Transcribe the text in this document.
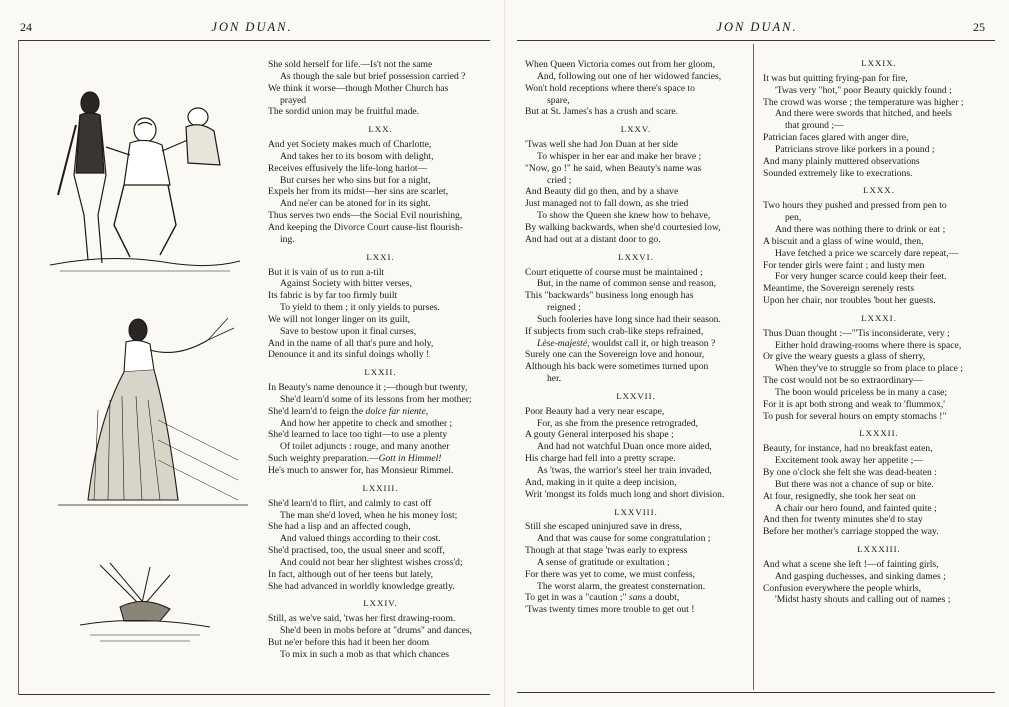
24	JON DUAN.
She sold herself for life.—Is't not the same
As though the sale but brief possession carried ?
We think it worse—though Mother Church has
prayed
The sordid union may be fruitful made.
LXX.
And yet Society makes much of Charlotte,
And takes her to its bosom with delight,
Receives effusively the life-long harlot—
But curses her who sins but for a night,
Expels her from its midst—her sins are scarlet,
And ne'er can be atoned for in its sight.
Thus serves two ends—the Social Evil nourishing,
And keeping the Divorce Court cause-list flourish-
ing.
LXXI.
But it is vain of us to run a-tilt
Against Society with bitter verses,
Its fabric is by far too firmly built
To yield to them ; it only yields to purses.
We will not longer linger on its guilt,
Save to bestow upon it final curses,
And in the name of all that's pure and holy,
Denounce it and its sinful doings wholly !
LXXII.
In Beauty's name denounce it ;—though but twenty,
She'd learn'd some of its lessons from her mother;
She'd learn'd to feign the dolce far niente,
And how her appetite to check and smother ;
She'd learned to lace too tight—to use a plenty
Of toilet adjuncts : rouge, and many another
Such weighty preparation.—Gott in Himmel!
He's much to answer for, has Monsieur Rimmel.
LXXIII.
She'd learn'd to flirt, and calmly to cast off
The man she'd loved, when he his money lost;
She had a lisp and an affected cough,
And valued things according to their cost.
She'd practised, too, the usual sneer and scoff,
And could not bear her slightest wishes cross'd;
In fact, although out of her teens but lately,
She had advanced in worldly knowledge greatly.
LXXIV.
Still, as we've said, 'twas her first drawing-room.
She'd been in mobs before at "drums" and dances,
But ne'er before this had it been her doom
To mix in such a mob as that which chances
JON DUAN.	25
When Queen Victoria comes out from her gloom,
And, following out one of her widowed fancies,
Won't hold receptions where there's space to
spare,
But at St. James's has a crush and scare.
LXXV.
'Twas well she had Jon Duan at her side
To whisper in her ear and make her brave ;
"Now, go !" he said, when Beauty's name was
cried ;
And Beauty did go then, and by a shave
Just managed not to fall down, as she tried
To show the Queen she knew how to behave,
By walking backwards, when she'd courtesied low,
And had out at a distant door to go.
LXXVI.
Court etiquette of course must be maintained ;
But, in the name of common sense and reason,
This "backwards" business long enough has
reigned ;
Such fooleries have long since had their season.
If subjects from such crab-like steps refrained,
Lèse-majesté, wouldst call it, or high treason ?
Surely one can the Sovereign love and honour,
Although his back were sometimes turned upon
her.
LXXVII.
Poor Beauty had a very near escape,
For, as she from the presence retrograded,
A gouty General interposed his shape ;
And had not watchful Duan once more aided,
His charge had fell into a pretty scrape.
As 'twas, the warrior's steel her train invaded,
And, making in it quite a deep incision,
Writ 'mongst its folds much long and short division.
LXXVIII.
Still she escaped uninjured save in dress,
And that was cause for some congratulation ;
Though at that stage 'twas early to express
A sense of gratitude or exultation ;
For there was yet to come, we must confess,
The worst alarm, the greatest consternation.
To get in was a "caution ;" sans a doubt,
'Twas twenty times more trouble to get out !
LXXIX.
It was but quitting frying-pan for fire,
'Twas very "hot," poor Beauty quickly found ;
The crowd was worse ; the temperature was higher ;
And there were swords that hitched, and heels
that ground ;—
Patrician faces glared with anger dire,
Patricians strove like porkers in a pound ;
And many plainly muttered observations
Sounded extremely like to execrations.
LXXX.
Two hours they pushed and pressed from pen to
pen,
And there was nothing there to drink or eat ;
A biscuit and a glass of wine would, then,
Have fetched a price we scarcely dare repeat,—
For tender girls were faint ; and lusty men
For very hunger scarce could keep their feet.
Meantime, the Sovereign serenely rests
Upon her chair, nor troubles 'bout her guests.
LXXXI.
Thus Duan thought :—"'Tis inconsiderate, very ;
Either hold drawing-rooms where there is space,
Or give the weary guests a glass of sherry,
When they've to struggle so from place to place ;
The cost would not be so extraordinary—
The boon would priceless be in many a case;
For it is apt both strong and weak to 'flummox,'
To push for several hours on empty stomachs !"
LXXXII.
Beauty, for instance, had no breakfast eaten,
Excitement took away her appetite ;—
By one o'clock she felt she was dead-beaten :
But there was not a chance of sup or bite.
At four, resignedly, she took her seat on
A chair our hero found, and fainted quite ;
And then for twenty minutes she'd to stay
Before her mother's carriage stopped the way.
LXXXIII.
And what a scene she left !—of fainting girls,
And gasping duchesses, and sinking dames ;
Confusion everywhere the people whirls,
'Midst hasty shouts and calling out of names ;
